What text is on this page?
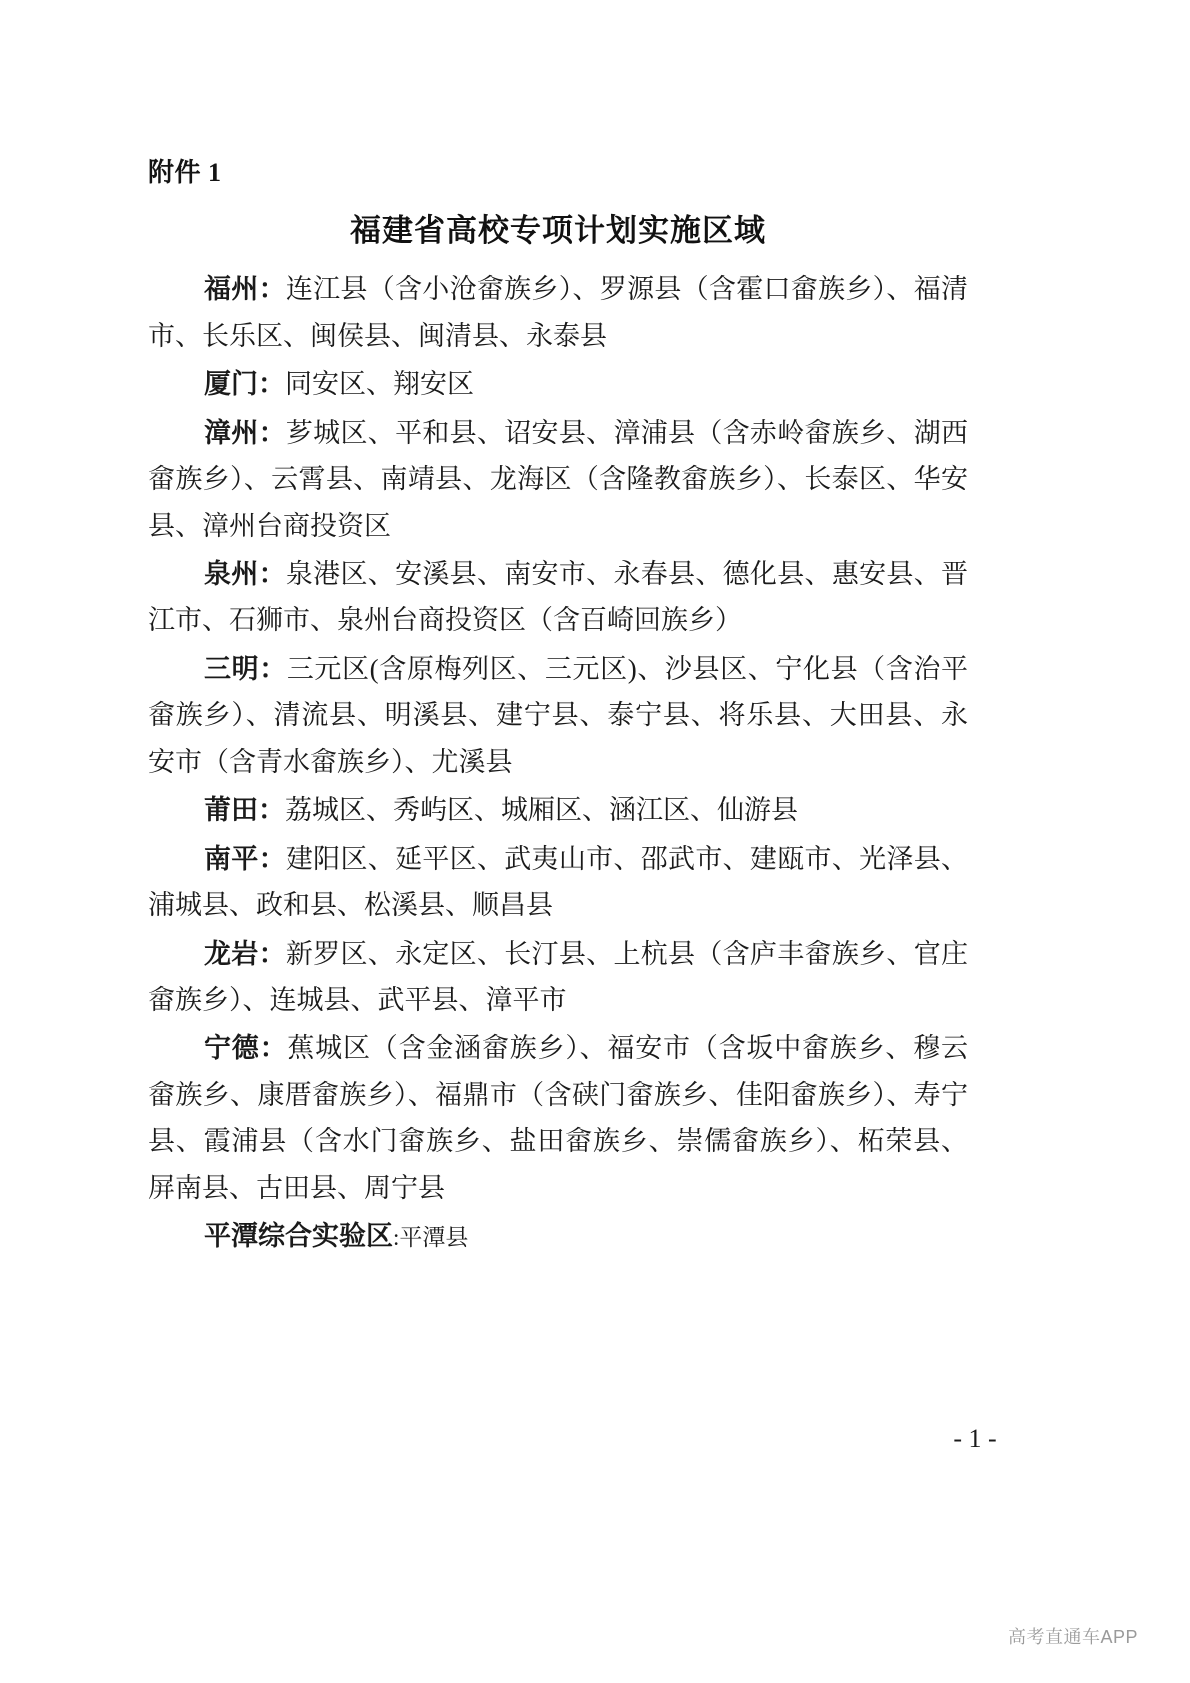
附件 1
福建省高校专项计划实施区域

福州：连江县（含小沧畲族乡）、罗源县（含霍口畲族乡）、福清市、长乐区、闽侯县、闽清县、永泰县

厦门：同安区、翔安区

漳州：芗城区、平和县、诏安县、漳浦县（含赤岭畲族乡、湖西畲族乡）、云霄县、南靖县、龙海区（含隆教畲族乡）、长泰区、华安县、漳州台商投资区

泉州：泉港区、安溪县、南安市、永春县、德化县、惠安县、晋江市、石狮市、泉州台商投资区（含百崎回族乡）

三明：三元区(含原梅列区、三元区)、沙县区、宁化县（含治平畲族乡）、清流县、明溪县、建宁县、泰宁县、将乐县、大田县、永安市（含青水畲族乡）、尤溪县

莆田：荔城区、秀屿区、城厢区、涵江区、仙游县

南平：建阳区、延平区、武夷山市、邵武市、建瓯市、光泽县、浦城县、政和县、松溪县、顺昌县

龙岩：新罗区、永定区、长汀县、上杭县（含庐丰畲族乡、官庄畲族乡）、连城县、武平县、漳平市

宁德：蕉城区（含金涵畲族乡）、福安市（含坂中畲族乡、穆云畲族乡、康厝畲族乡）、福鼎市（含硖门畲族乡、佳阳畲族乡）、寿宁县、霞浦县（含水门畲族乡、盐田畲族乡、崇儒畲族乡）、柘荣县、屏南县、古田县、周宁县

平潭综合实验区:平潭县

- 1 -
高考直通车APP
